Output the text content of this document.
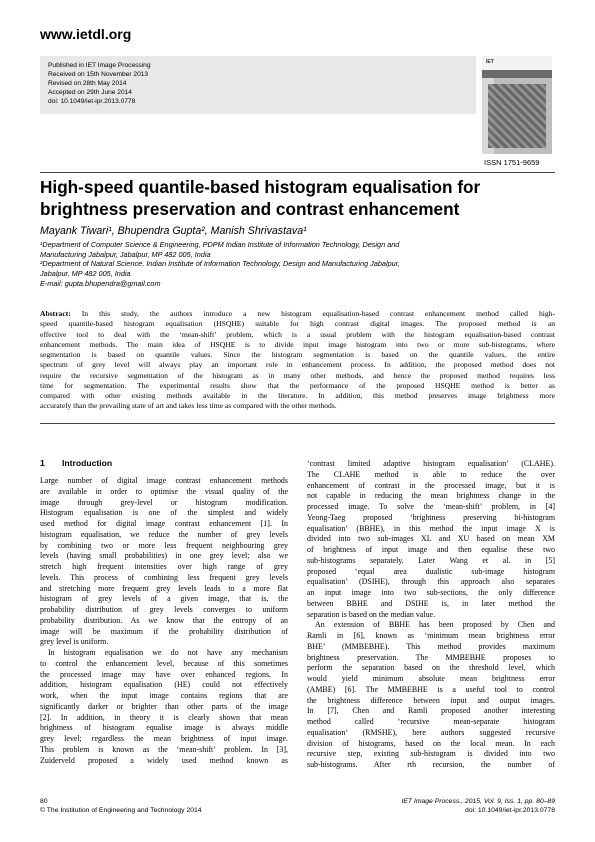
www.ietdl.org
Published in IET Image Processing
Received on 15th November 2013
Revised on 28th May 2014
Accepted on 29th June 2014
doi: 10.1049/iet-ipr.2013.0778
IET
ISSN 1751-9659
High-speed quantile-based histogram equalisation for
brightness preservation and contrast enhancement
Mayank Tiwari¹, Bhupendra Gupta², Manish Shrivastava¹
¹Department of Computer Science & Engineering, PDPM Indian Institute of Information Technology, Design and
Manufacturing Jabalpur, Jabalpur, MP 482 005, India
²Department of Natural Science, Indian Institute of Information Technology, Design and Manufacturing Jabalpur,
Jabalpur, MP 482 005, India
E-mail: gupta.bhupendra@gmail.com
Abstract: In this study, the authors introduce a new histogram equalisation-based contrast enhancement method called high-
speed quantile-based histogram equalisation (HSQHE) suitable for high contrast digital images. The proposed method is an
effective tool to deal with the ‘mean-shift’ problem, which is a usual problem with the histogram equalisation-based contrast
enhancement methods. The main idea of HSQHE is to divide input image histogram into two or more sub-histograms, where
segmentation is based on quantile values. Since the histogram segmentation is based on the quantile values, the entire
spectrum of grey level will always play an important role in enhancement process. In addition, the proposed method does not
require the recursive segmentation of the histogram as in many other methods, and hence the proposed method requires less
time for segmentation. The experimental results show that the performance of the proposed HSQHE method is better as
compared with other existing methods available in the literature. In addition, this method preserves image brightness more
accurately than the prevailing state of art and takes less time as compared with the other methods.
1 Introduction
Large number of digital image contrast enhancement methods
are available in order to optimise the visual quality of the
image through grey-level or histogram modification.
Histogram equalisation is one of the simplest and widely
used method for digital image contrast enhancement [1]. In
histogram equalisation, we reduce the number of grey levels
by combining two or more less frequent neighbouring grey
levels (having small probabilities) in one grey level; also we
stretch high frequent intensities over high range of grey
levels. This process of combining less frequent grey levels
and stretching more frequent grey levels leads to a more flat
histogram of grey levels of a given image, that is, the
probability distribution of grey levels converges to uniform
probability distribution. As we know that the entropy of an
image will be maximum if the probability distribution of
grey level is uniform.
In histogram equalisation we do not have any mechanism
to control the enhancement level, because of this sometimes
the processed image may have over enhanced regions. In
addition, histogram equalisation (HE) could not effectively
work, when the input image contains regions that are
significantly darker or brighter than other parts of the image
[2]. In addition, in theory it is clearly shown that mean
brightness of histogram equalise image is always middle
grey level; regardless the mean brightness of input image.
This problem is known as the ‘mean-shift’ problem. In [3],
Zuiderveld proposed a widely used method known as
‘contrast limited adaptive histogram equalisation’ (CLAHE).
The CLAHE method is able to reduce the over
enhancement of contrast in the processed image, but it is
not capable in reducing the mean brightness change in the
processed image. To solve the ‘mean-shift’ problem, in [4]
Yeong-Taeg proposed ‘brightness preserving bi-histogram
equalisation’ (BBHE), in this method the input image X is
divided into two sub-images XL and XU based on mean XM
of brightness of input image and then equalise these two
sub-histograms separately. Later Wang et al. in [5]
proposed ‘equal area dualistic sub-image histogram
equalisation’ (DSIHE), through this approach also separates
an input image into two sub-sections, the only difference
between BBHE and DSIHE is, in later method the
separation is based on the median value.
An extension of BBHE has been proposed by Chen and
Ramli in [6], known as ‘minimum mean brightness error
BHE’ (MMBEBHE). This method provides maximum
brightness preservation. The MMBEBHE proposes to
perform the separation based on the threshold level, which
would yield minimum absolute mean brightness error
(AMBE) [6]. The MMBEBHE is a useful tool to control
the brightness difference between input and output images.
In [7], Chen and Ramli proposed another interesting
method called ‘recursive mean-separate histogram
equalisation’ (RMSHE), here authors suggested recursive
division of histograms, based on the local mean. In each
recursive step, existing sub-histogram is divided into two
sub-histograms. After rth recursion, the number of
80
© The Institution of Engineering and Technology 2014
IET Image Process., 2015, Vol. 9, Iss. 1, pp. 80–89
doi: 10.1049/iet-ipr.2013.0778
